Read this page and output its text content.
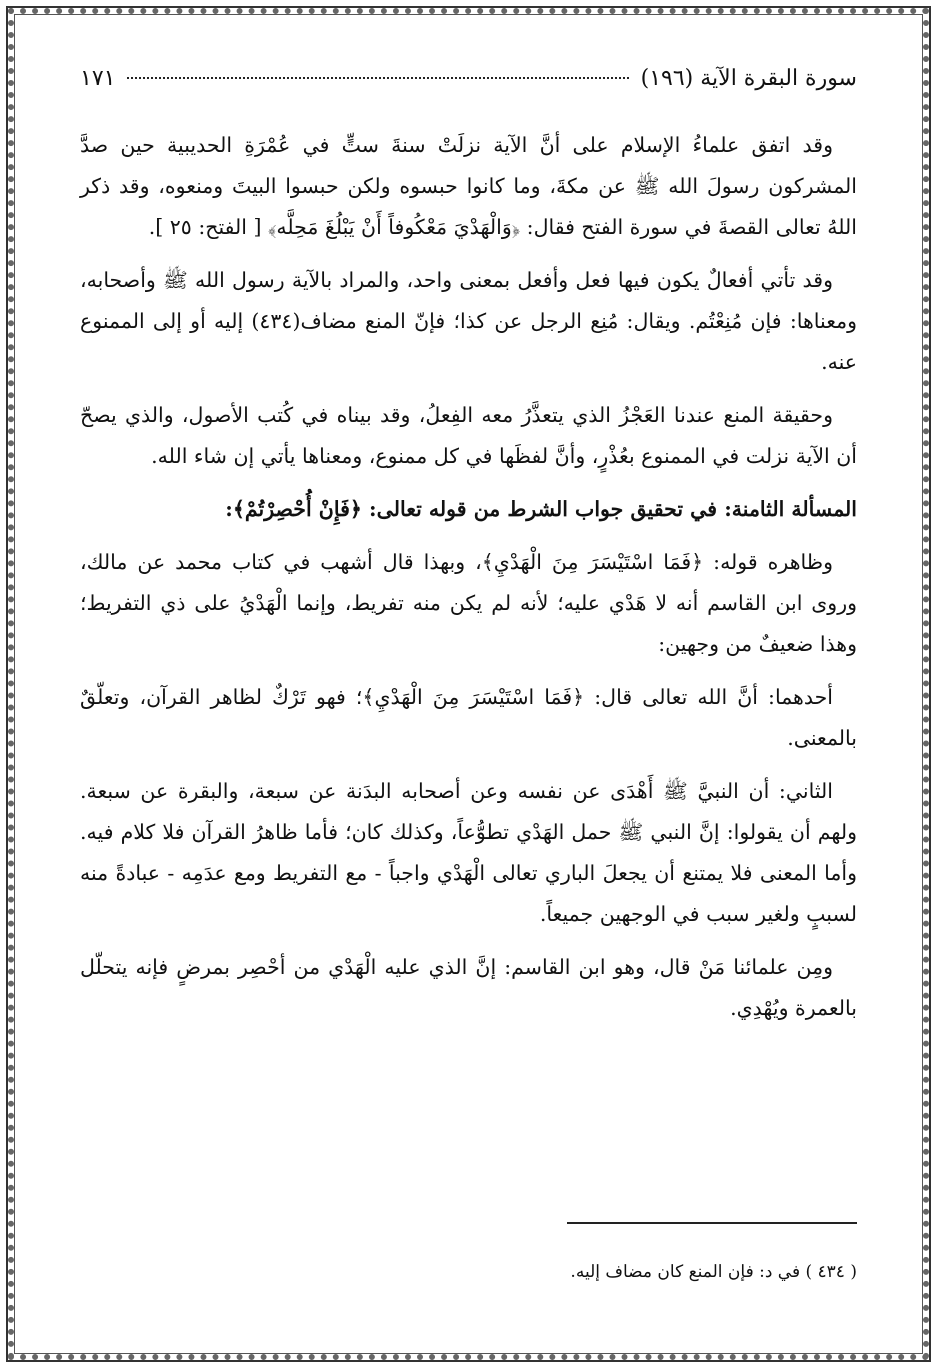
سورة البقرة الآية (١٩٦)
١٧١

وقد اتفق علماءُ الإسلام على أنَّ الآية نزلَتْ سنةَ ستٍّ في عُمْرَةِ الحديبية حين صدَّ المشركون رسولَ الله ﷺ عن مكةَ، وما كانوا حبسوه ولكن حبسوا البيتَ ومنعوه، وقد ذكر اللهُ تعالى القصةَ في سورة الفتح فقال: ﴿وَالْهَدْيَ مَعْكُوفاً أَنْ يَبْلُغَ مَحِلَّه﴾ [ الفتح: ٢٥ ].

وقد تأتي أفعالٌ يكون فيها فعل وأفعل بمعنى واحد، والمراد بالآية رسول الله ﷺ وأصحابه، ومعناها: فإن مُنِعْتُم. ويقال: مُنِع الرجل عن كذا؛ فإنّ المنع مضاف(٤٣٤) إليه أو إلى الممنوع عنه.

وحقيقة المنع عندنا العَجْزُ الذي يتعذَّرُ معه الفِعلُ، وقد بيناه في كُتب الأصول، والذي يصحّ أن الآية نزلت في الممنوع بعُذْرٍ، وأنَّ لفظَها في كل ممنوع، ومعناها يأتي إن شاء الله.

المسألة الثامنة: في تحقيق جواب الشرط من قوله تعالى: ﴿فَإِنْ أُحْصِرْتُمْ﴾:

وظاهره قوله: ﴿فَمَا اسْتَيْسَرَ مِنَ الْهَدْيِ﴾، وبهذا قال أشهب في كتاب محمد عن مالك، وروى ابن القاسم أنه لا هَدْي عليه؛ لأنه لم يكن منه تفريط، وإنما الْهَدْيُ على ذي التفريط؛ وهذا ضعيفٌ من وجهين:

أحدهما: أنَّ الله تعالى قال: ﴿فَمَا اسْتَيْسَرَ مِنَ الْهَدْيِ﴾؛ فهو تَرْكٌ لظاهر القرآن، وتعلّقٌ بالمعنى.

الثاني: أن النبيَّ ﷺ أَهْدَى عن نفسه وعن أصحابه البدَنة عن سبعة، والبقرة عن سبعة. ولهم أن يقولوا: إنَّ النبي ﷺ حمل الهَدْي تطوُّعاً، وكذلك كان؛ فأما ظاهرُ القرآن فلا كلام فيه. وأما المعنى فلا يمتنع أن يجعلَ الباري تعالى الْهَدْي واجباً - مع التفريط ومع عدَمِه - عبادةً منه لسببٍ ولغير سبب في الوجهين جميعاً.

ومِن علمائنا مَنْ قال، وهو ابن القاسم: إنَّ الذي عليه الْهَدْي من أحْصِر بمرضٍ فإنه يتحلّل بالعمرة ويُهْدِي.

( ٤٣٤ ) في د: فإن المنع كان مضاف إليه.
